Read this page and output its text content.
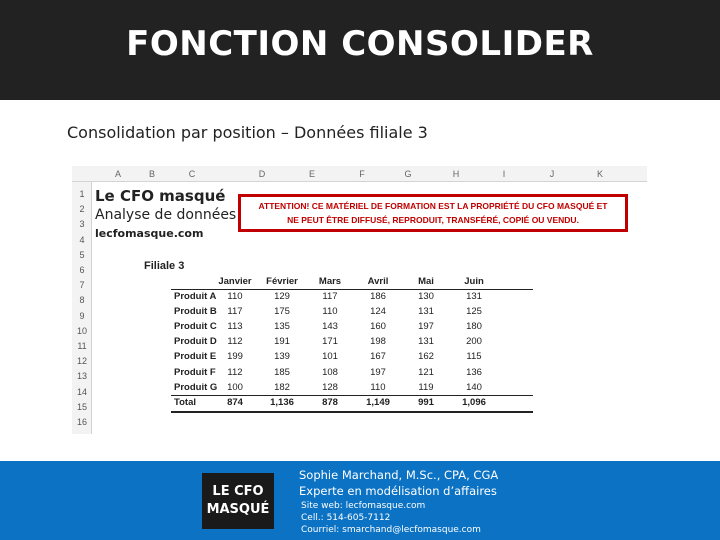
FONCTION CONSOLIDER
Consolidation par position – Données filiale 3
Le CFO masqué
Analyse de données
lecfomasque.com
ATTENTION! CE MATÉRIEL DE FORMATION EST LA PROPRIÉTÉ DU CFO MASQUÉ ET
NE PEUT ÊTRE DIFFUSÉ, REPRODUIT, TRANSFÉRÉ, COPIÉ OU VENDU.
Filiale 3
A	B	C	D	E	F	G	H	I	J	K
1
2
3
4
5
6
7
8
9
10
11
12
13
14
15
16
Janvier	Février	Mars	Avril	Mai	Juin
Produit A	110	129	117	186	130	131
Produit B	117	175	110	124	131	125
Produit C	113	135	143	160	197	180
Produit D	112	191	171	198	131	200
Produit E	199	139	101	167	162	115
Produit F	112	185	108	197	121	136
Produit G	100	182	128	110	119	140
Total	874	1,136	878	1,149	991	1,096
LE CFO
MASQUÉ
Sophie Marchand, M.Sc., CPA, CGA
Experte en modélisation d’affaires
Site web: lecfomasque.com
Cell.: 514-605-7112
Courriel: smarchand@lecfomasque.com
